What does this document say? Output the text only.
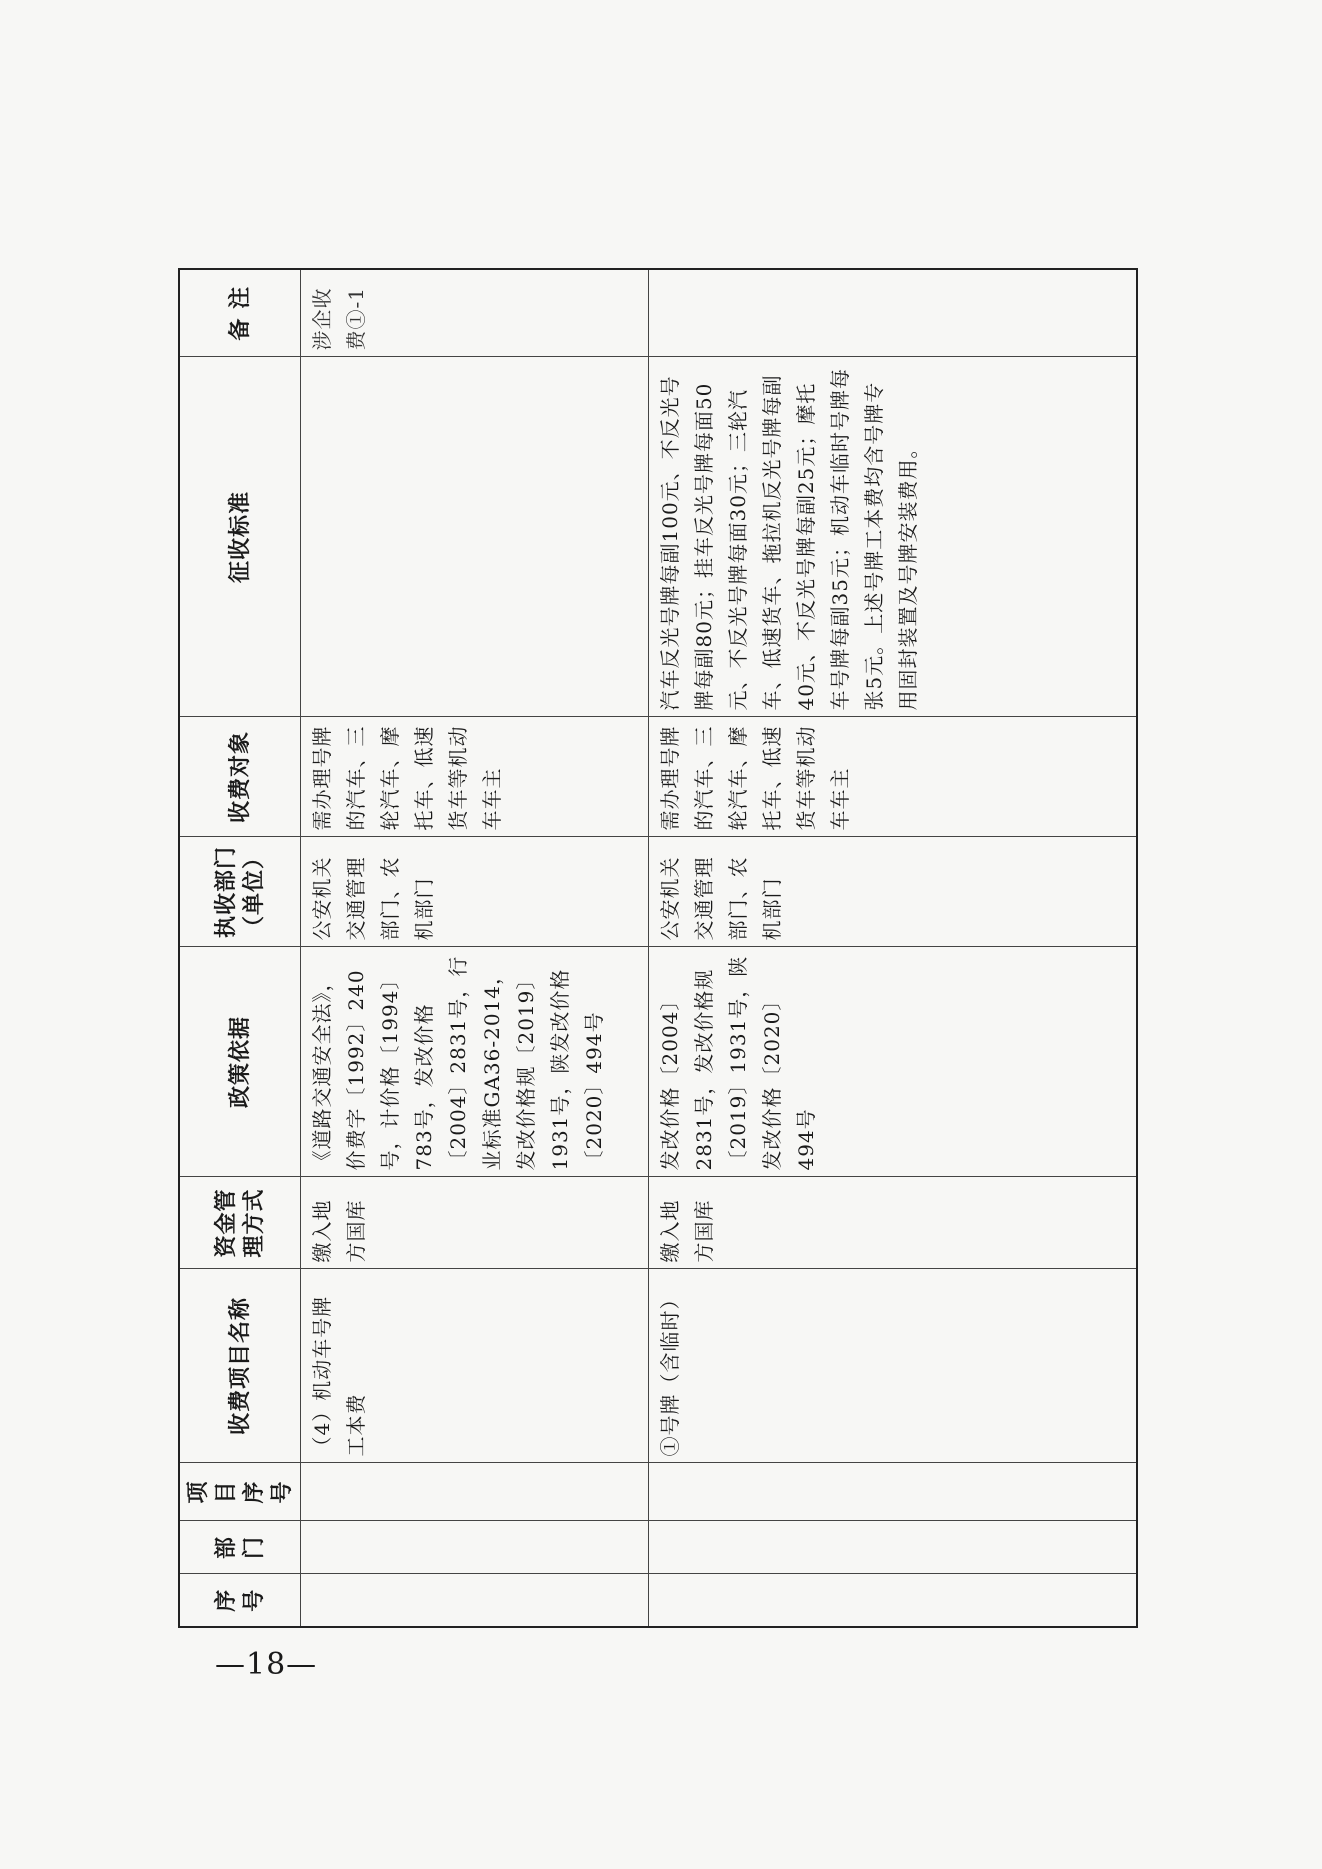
序号	部门	项目序号	收费项目名称	资金管理方式	政策依据	执收部门（单位）	收费对象	征收标准	备 注
			（4）机动车号牌工本费	缴入地方国库	《道路交通安全法》，价费字〔1992〕240号，计价格〔1994〕783号，发改价格〔2004〕2831号，行业标准GA36-2014，发改价格规〔2019〕1931号，陕发改价格〔2020〕494号	公安机关交通管理部门、农机部门	需办理号牌的汽车、三轮汽车、摩托车、低速货车等机动车车主		涉企收费①-1
			①号牌（含临时）	缴入地方国库	发改价格〔2004〕2831号，发改价格规〔2019〕1931号，陕发改价格〔2020〕494号	公安机关交通管理部门、农机部门	需办理号牌的汽车、三轮汽车、摩托车、低速货车等机动车车主	汽车反光号牌每副100元、不反光号牌每副80元；挂车反光号牌每面50元、不反光号牌每面30元；三轮汽车、低速货车、拖拉机反光号牌每副40元、不反光号牌每副25元；摩托车号牌每副35元；机动车临时号牌每张5元。上述号牌工本费均含号牌专用固封装置及号牌安装费用。	
—18—
